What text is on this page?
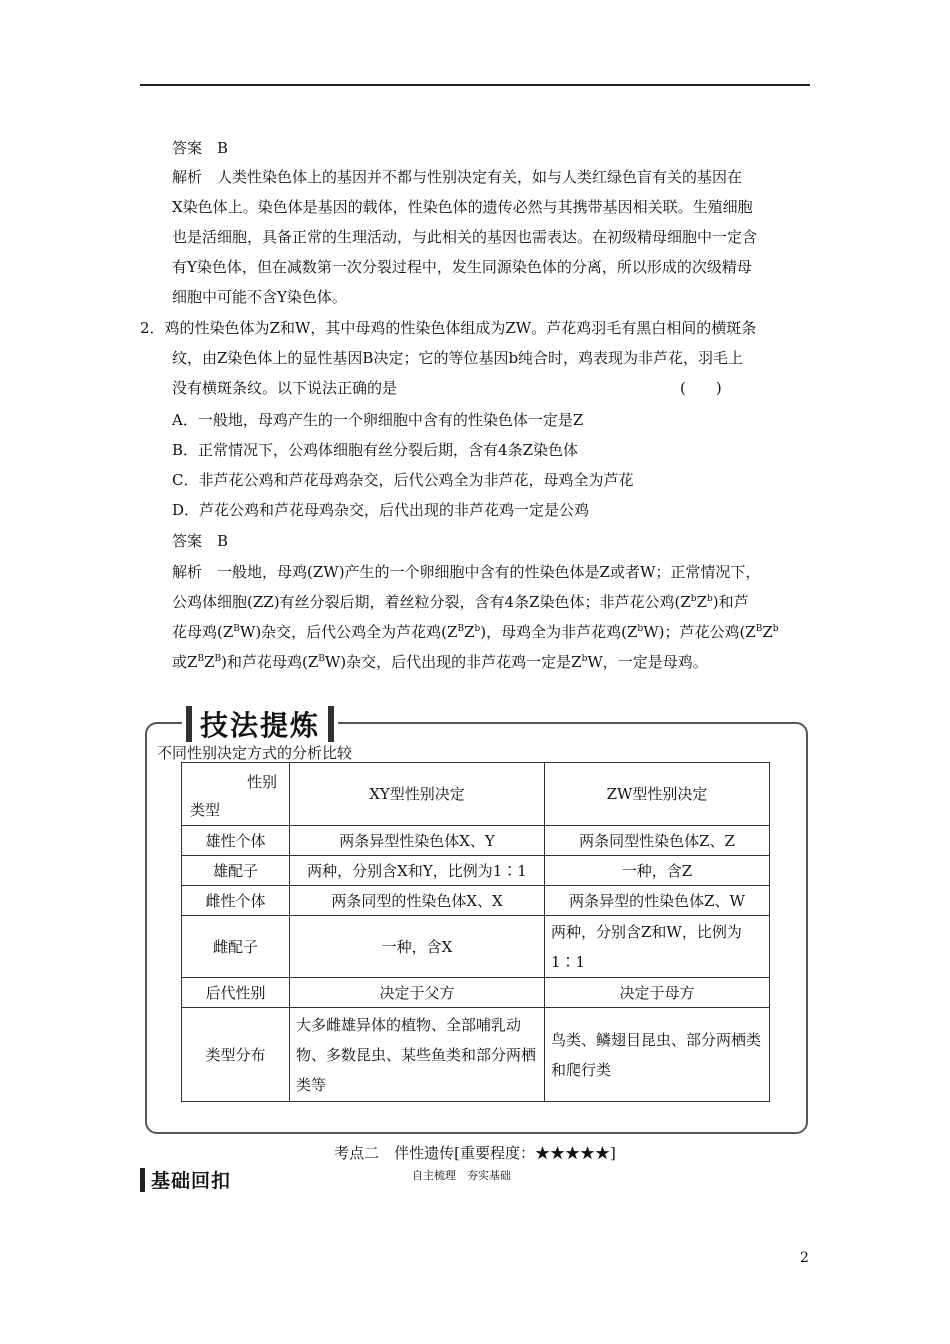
答案　B
解析　人类性染色体上的基因并不都与性别决定有关，如与人类红绿色盲有关的基因在
X染色体上。染色体是基因的载体，性染色体的遗传必然与其携带基因相关联。生殖细胞
也是活细胞，具备正常的生理活动，与此相关的基因也需表达。在初级精母细胞中一定含
有Y染色体，但在减数第一次分裂过程中，发生同源染色体的分离，所以形成的次级精母
细胞中可能不含Y染色体。
2．鸡的性染色体为Z和W，其中母鸡的性染色体组成为ZW。芦花鸡羽毛有黑白相间的横斑条
纹，由Z染色体上的显性基因B决定；它的等位基因b纯合时，鸡表现为非芦花，羽毛上
没有横斑条纹。以下说法正确的是	(　　)
A．一般地，母鸡产生的一个卵细胞中含有的性染色体一定是Z
B．正常情况下，公鸡体细胞有丝分裂后期，含有4条Z染色体
C．非芦花公鸡和芦花母鸡杂交，后代公鸡全为非芦花，母鸡全为芦花
D．芦花公鸡和芦花母鸡杂交，后代出现的非芦花鸡一定是公鸡
答案　B
解析　一般地，母鸡(ZW)产生的一个卵细胞中含有的性染色体是Z或者W；正常情况下，
公鸡体细胞(ZZ)有丝分裂后期，着丝粒分裂，含有4条Z染色体；非芦花公鸡$(Z^bZ^b)$和芦
花母鸡$(Z^BW)$杂交，后代公鸡全为芦花鸡$(Z^BZ^b)$，母鸡全为非芦花鸡$(Z^bW)$；芦花公鸡($Z^BZ^b$
或$Z^BZ^B$)和芦花母鸡$(Z^BW)$杂交，后代出现的非芦花鸡一定是$Z^bW$，一定是母鸡。
技法提炼
不同性别决定方式的分析比较
性别
类型	XY型性别决定	ZW型性别决定
雄性个体	两条异型性染色体X、Y	两条同型性染色体Z、Z
雄配子	两种，分别含X和Y，比例为1∶1	一种，含Z
雌性个体	两条同型的性染色体X、X	两条异型的性染色体Z、W
雌配子	一种，含X	两种，分别含Z和W，比例为1∶1
后代性别	决定于父方	决定于母方
类型分布	大多雌雄异体的植物、全部哺乳动物、多数昆虫、某些鱼类和部分两栖类等	鸟类、鳞翅目昆虫、部分两栖类和爬行类
考点二　伴性遗传[重要程度：★★★★★]
基础回扣	自主梳理　夯实基础
2
